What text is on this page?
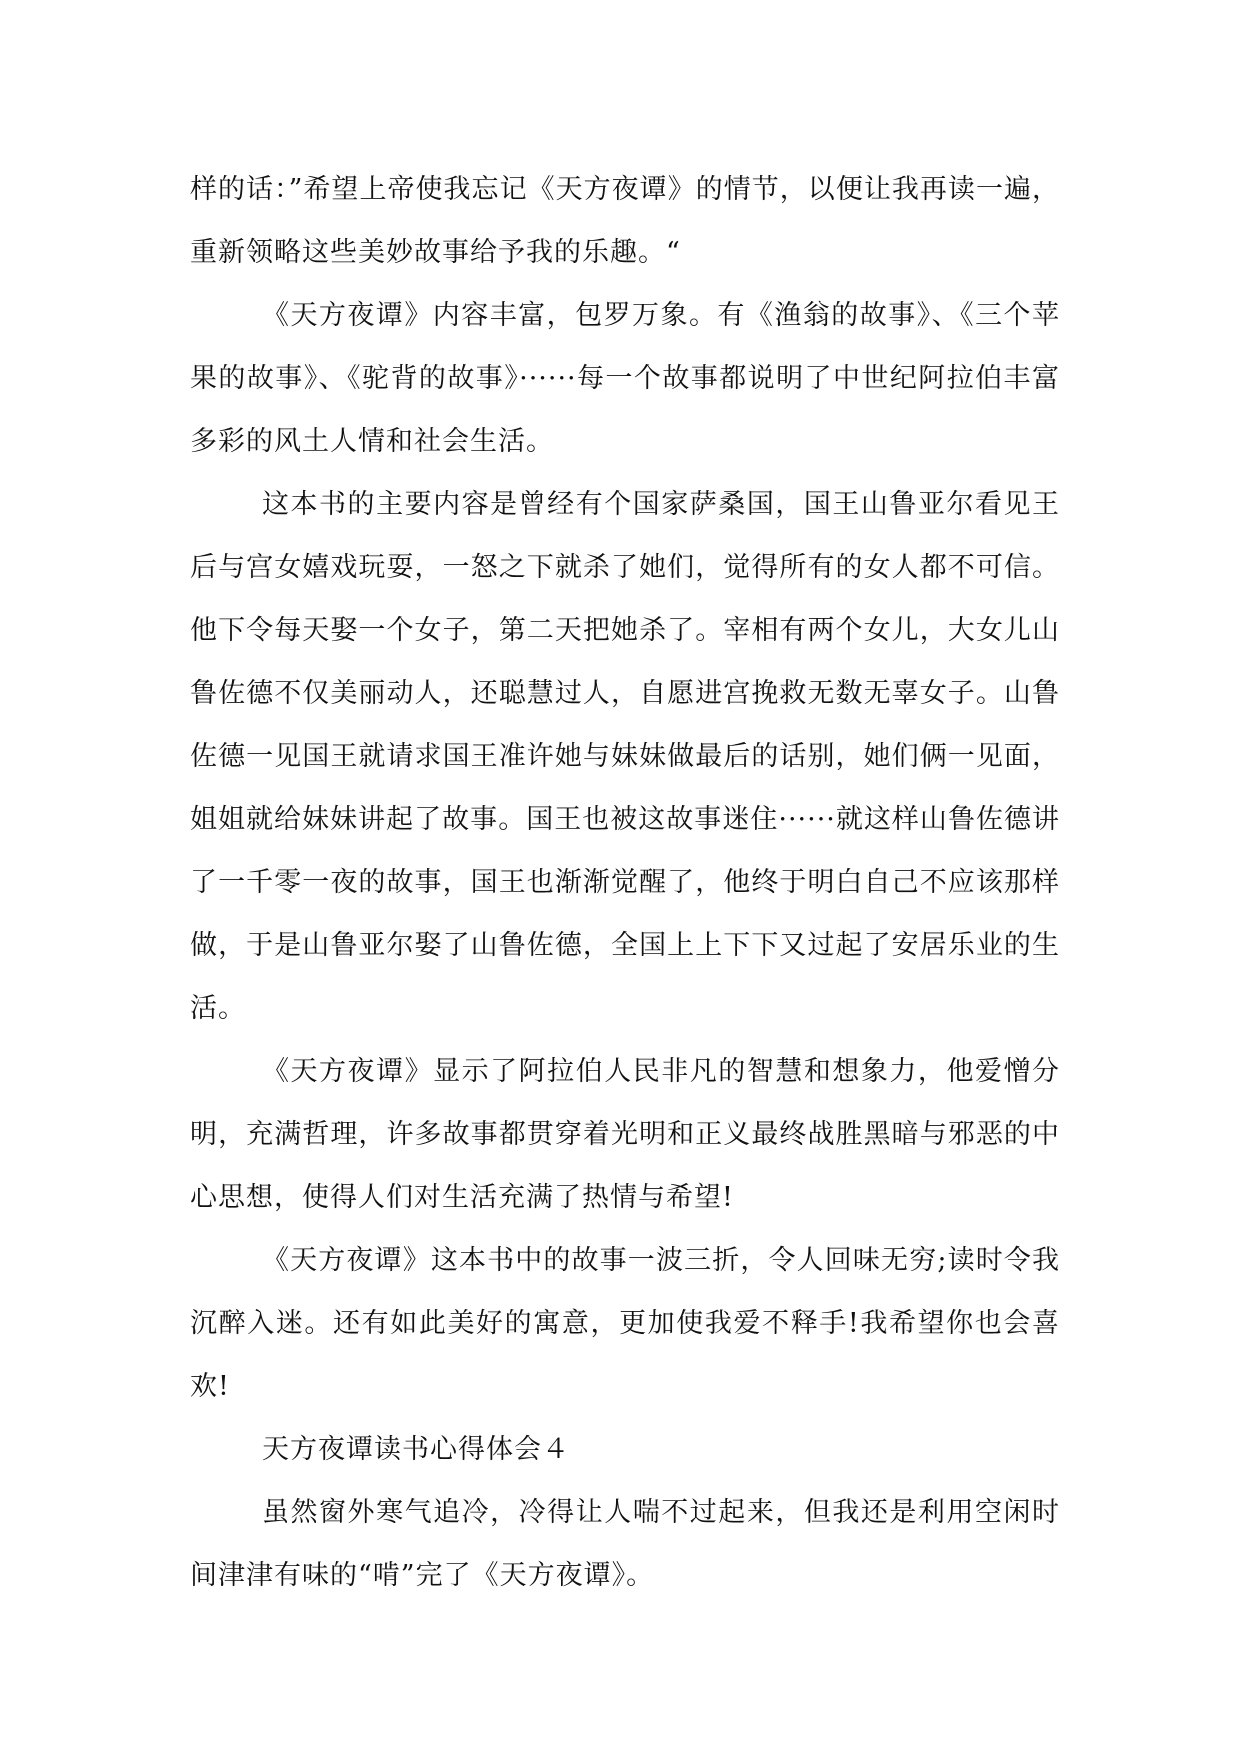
样的话：”希望上帝使我忘记《天方夜谭》的情节，以便让我再读一遍，重新领略这些美妙故事给予我的乐趣。“

《天方夜谭》内容丰富，包罗万象。有《渔翁的故事》、《三个苹果的故事》、《驼背的故事》······每一个故事都说明了中世纪阿拉伯丰富多彩的风土人情和社会生活。

这本书的主要内容是曾经有个国家萨桑国，国王山鲁亚尔看见王后与宫女嬉戏玩耍，一怒之下就杀了她们，觉得所有的女人都不可信。他下令每天娶一个女子，第二天把她杀了。宰相有两个女儿，大女儿山鲁佐德不仅美丽动人，还聪慧过人，自愿进宫挽救无数无辜女子。山鲁佐德一见国王就请求国王准许她与妹妹做最后的话别，她们俩一见面，姐姐就给妹妹讲起了故事。国王也被这故事迷住······就这样山鲁佐德讲了一千零一夜的故事，国王也渐渐觉醒了，他终于明白自己不应该那样做，于是山鲁亚尔娶了山鲁佐德，全国上上下下又过起了安居乐业的生活。

《天方夜谭》显示了阿拉伯人民非凡的智慧和想象力，他爱憎分明，充满哲理，许多故事都贯穿着光明和正义最终战胜黑暗与邪恶的中心思想，使得人们对生活充满了热情与希望!

《天方夜谭》这本书中的故事一波三折，令人回味无穷;读时令我沉醉入迷。还有如此美好的寓意，更加使我爱不释手!我希望你也会喜欢!

天方夜谭读书心得体会４

虽然窗外寒气追冷，冷得让人喘不过起来，但我还是利用空闲时间津津有味的“啃”完了《天方夜谭》。
